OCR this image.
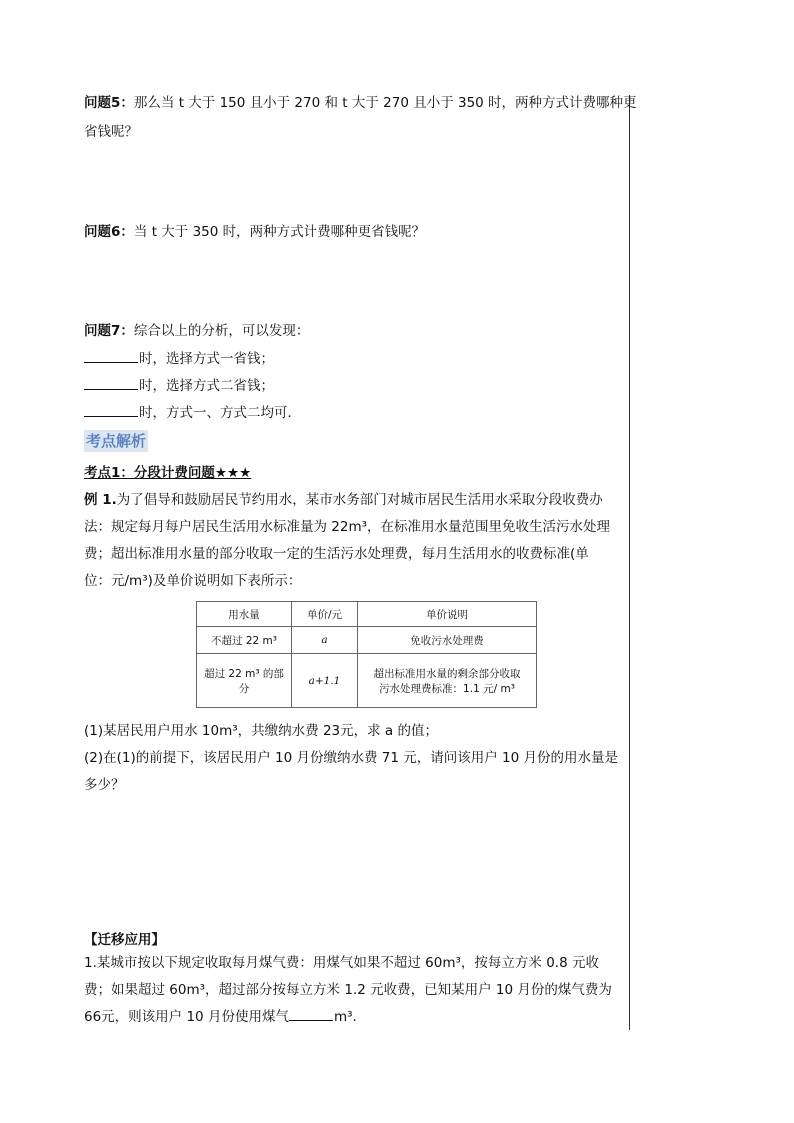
问题5：那么当 t 大于 150 且小于 270 和 t 大于 270 且小于 350 时，两种方式计费哪种更
省钱呢？
问题6：当 t 大于 350 时，两种方式计费哪种更省钱呢？
问题7：综合以上的分析，可以发现：
时，选择方式一省钱；
时，选择方式二省钱；
时，方式一、方式二均可．
考点解析
考点1：分段计费问题★★★
例 1.为了倡导和鼓励居民节约用水，某市水务部门对城市居民生活用水采取分段收费办
法：规定每月每户居民生活用水标准量为 22m³，在标准用水量范围里免收生活污水处理
费；超出标准用水量的部分收取一定的生活污水处理费，每月生活用水的收费标准(单
位：元/m³)及单价说明如下表所示：
用水量	单价/元	单价说明
不超过 22 m³	a	免收污水处理费
超过 22 m³ 的部分	a+1.1	超出标准用水量的剩余部分收取
污水处理费标准：1.1 元/ m³
(1)某居民用户用水 10m³，共缴纳水费 23元，求 a 的值；
(2)在(1)的前提下，该居民用户 10 月份缴纳水费 71 元，请问该用户 10 月份的用水量是
多少？
【迁移应用】
1.某城市按以下规定收取每月煤气费：用煤气如果不超过 60m³，按每立方米 0.8 元收
费；如果超过 60m³，超过部分按每立方米 1.2 元收费，已知某用户 10 月份的煤气费为
66元，则该用户 10 月份使用煤气	m³.
